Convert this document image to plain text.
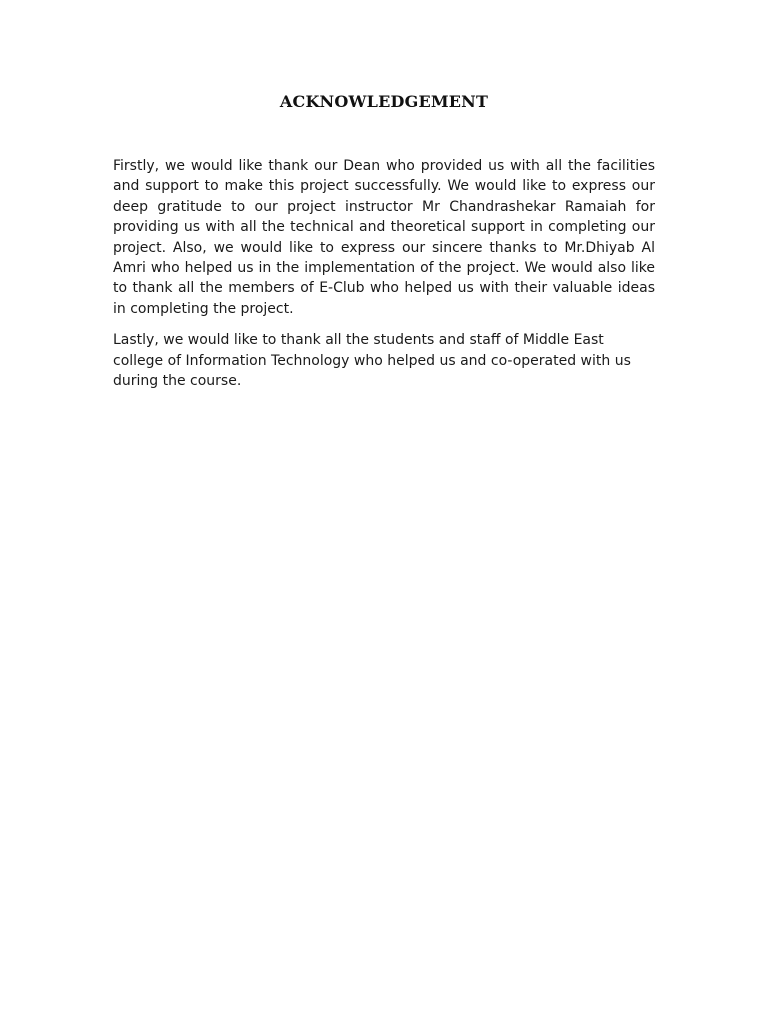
ACKNOWLEDGEMENT

Firstly, we would like thank our Dean who provided us with all the facilities and support to make this project successfully. We would like to express our deep gratitude to our project instructor Mr Chandrashekar Ramaiah for providing us with all the technical and theoretical support in completing our project. Also, we would like to express our sincere thanks to Mr.Dhiyab Al Amri who helped us in the implementation of the project. We would also like to thank all the members of E-Club who helped us with their valuable ideas in completing the project.

Lastly, we would like to thank all the students and staff of Middle East college of Information Technology who helped us and co-operated with us during the course.
